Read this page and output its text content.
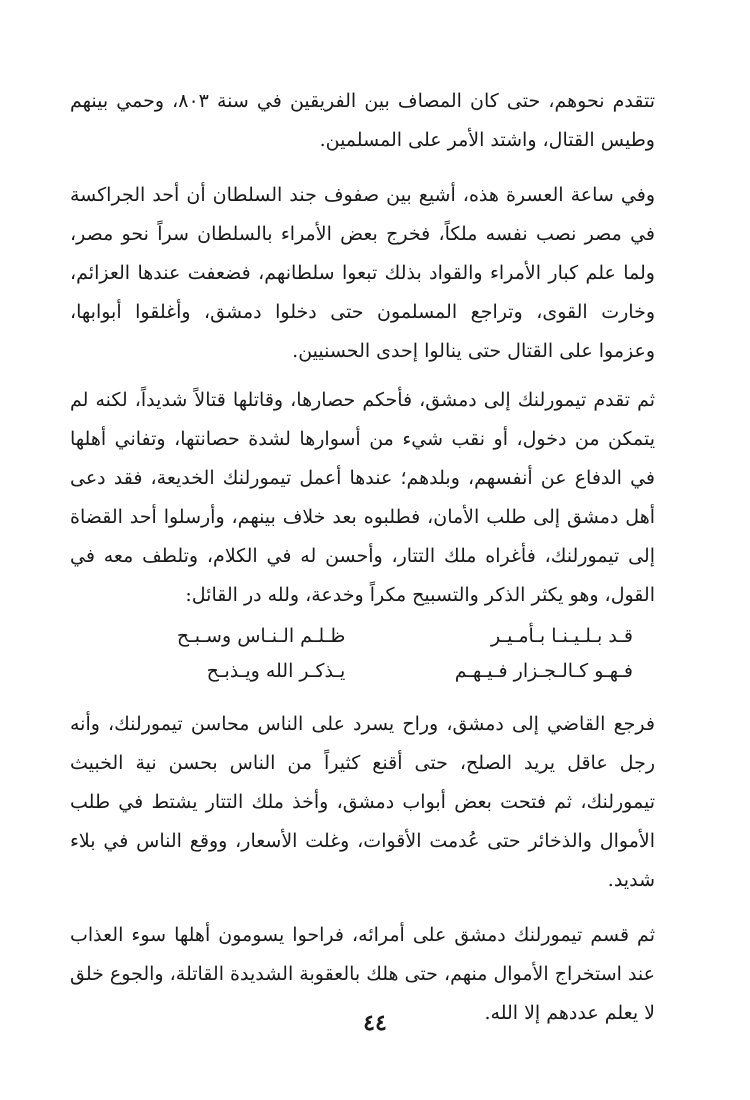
تتقدم نحوهم، حتى كان المصاف بين الفريقين في سنة ٨٠٣، وحمي بينهم وطيس القتال، واشتد الأمر على المسلمين.

وفي ساعة العسرة هذه، أشيع بين صفوف جند السلطان أن أحد الجراكسة في مصر نصب نفسه ملكاً، فخرج بعض الأمراء بالسلطان سراً نحو مصر، ولما علم كبار الأمراء والقواد بذلك تبعوا سلطانهم، فضعفت عندها العزائم، وخارت القوى، وتراجع المسلمون حتى دخلوا دمشق، وأغلقوا أبوابها، وعزموا على القتال حتى ينالوا إحدى الحسنيين.

ثم تقدم تيمورلنك إلى دمشق، فأحكم حصارها، وقاتلها قتالاً شديداً، لكنه لم يتمكن من دخول، أو نقب شيء من أسوارها لشدة حصانتها، وتفاني أهلها في الدفاع عن أنفسهم، وبلدهم؛ عندها أعمل تيمورلنك الخديعة، فقد دعى أهل دمشق إلى طلب الأمان، فطلبوه بعد خلاف بينهم، وأرسلوا أحد القضاة إلى تيمورلنك، فأغراه ملك التتار، وأحسن له في الكلام، وتلطف معه في القول، وهو يكثر الذكر والتسبيح مكراً وخدعة، ولله در القائل:

قـد بـلـيـنـا بـأمـيـر
ظـلـم الـنـاس وسـبـح
فـهـو كـالـجـزار فـيـهـم
يـذكـر الله ويـذبـح

فرجع القاضي إلى دمشق، وراح يسرد على الناس محاسن تيمورلنك، وأنه رجل عاقل يريد الصلح، حتى أقنع كثيراً من الناس بحسن نية الخبيث تيمورلنك، ثم فتحت بعض أبواب دمشق، وأخذ ملك التتار يشتط في طلب الأموال والذخائر حتى عُدمت الأقوات، وغلت الأسعار، ووقع الناس في بلاء شديد.

ثم قسم تيمورلنك دمشق على أمرائه، فراحوا يسومون أهلها سوء العذاب عند استخراج الأموال منهم، حتى هلك بالعقوبة الشديدة القاتلة، والجوع خلق لا يعلم عددهم إلا الله.

٤٤
